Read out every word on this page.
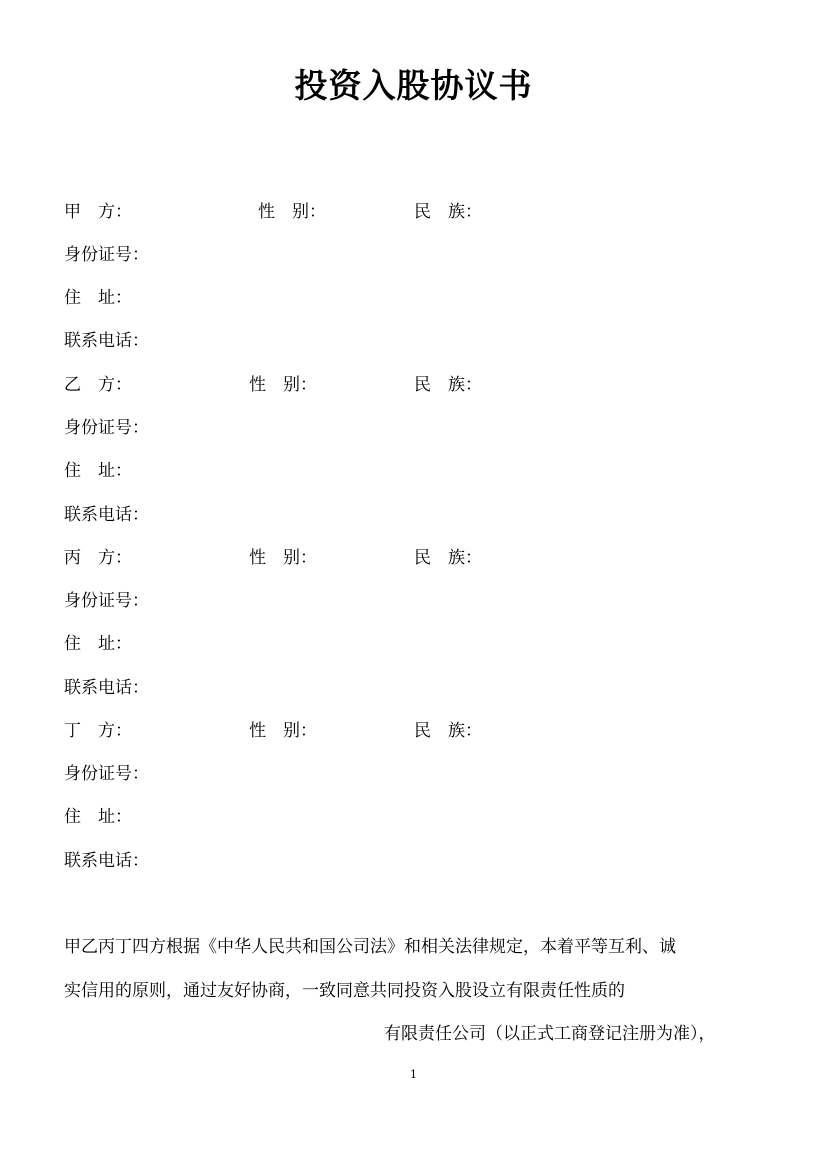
投资入股协议书
甲　方：	性　别：	民　族：
身份证号：
住　址：
联系电话：
乙　方：	性　别：	民　族：
身份证号：
住　址：
联系电话：
丙　方：	性　别：	民　族：
身份证号：
住　址：
联系电话：
丁　方：	性　别：	民　族：
身份证号：
住　址：
联系电话：
甲乙丙丁四方根据《中华人民共和国公司法》和相关法律规定，本着平等互利、诚
实信用的原则，通过友好协商，一致同意共同投资入股设立有限责任性质的
有限责任公司（以正式工商登记注册为准），
1
